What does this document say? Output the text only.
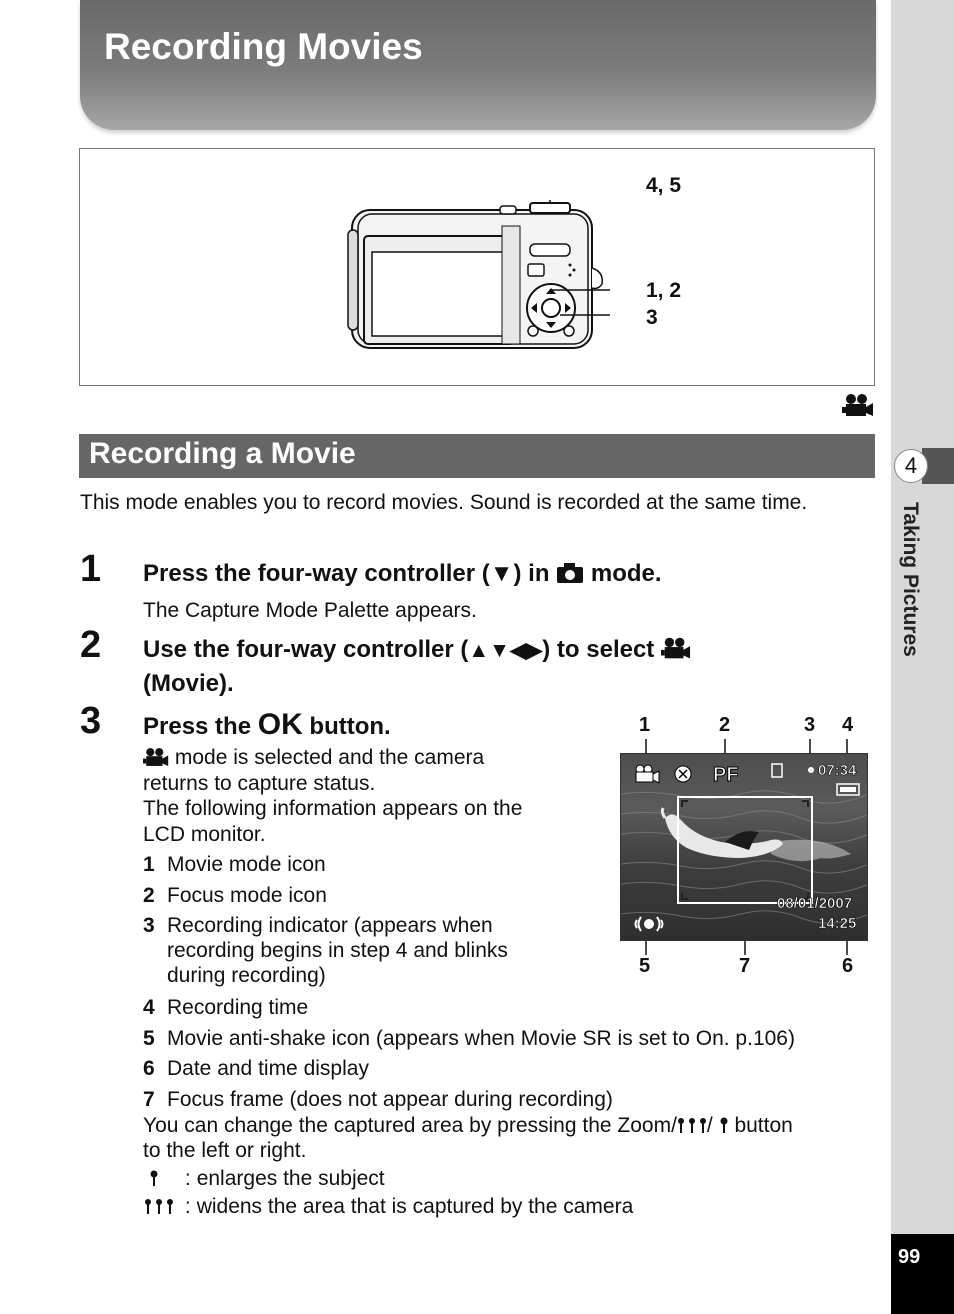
Recording Movies
4
Taking Pictures
99
4, 5
1, 2
3
Recording a Movie
This mode enables you to record movies. Sound is recorded at the same time.
1 Press the four-way controller (▼) in mode.
The Capture Mode Palette appears.
2 Use the four-way controller (▲▼◀▶) to select
(Movie).
3 Press the OK button.
mode is selected and the camera
returns to capture status.
The following information appears on the
LCD monitor.
1 Movie mode icon
2 Focus mode icon
3 Recording indicator (appears when
recording begins in step 4 and blinks
during recording)
4 Recording time
5 Movie anti-shake icon (appears when Movie SR is set to On. p.106)
6 Date and time display
7 Focus frame (does not appear during recording)
You can change the captured area by pressing the Zoom/ / button
to the left or right.
: enlarges the subject
: widens the area that is captured by the camera
1	2	3 4
5	7	6
PF	07:34
08/01/2007
14:25
